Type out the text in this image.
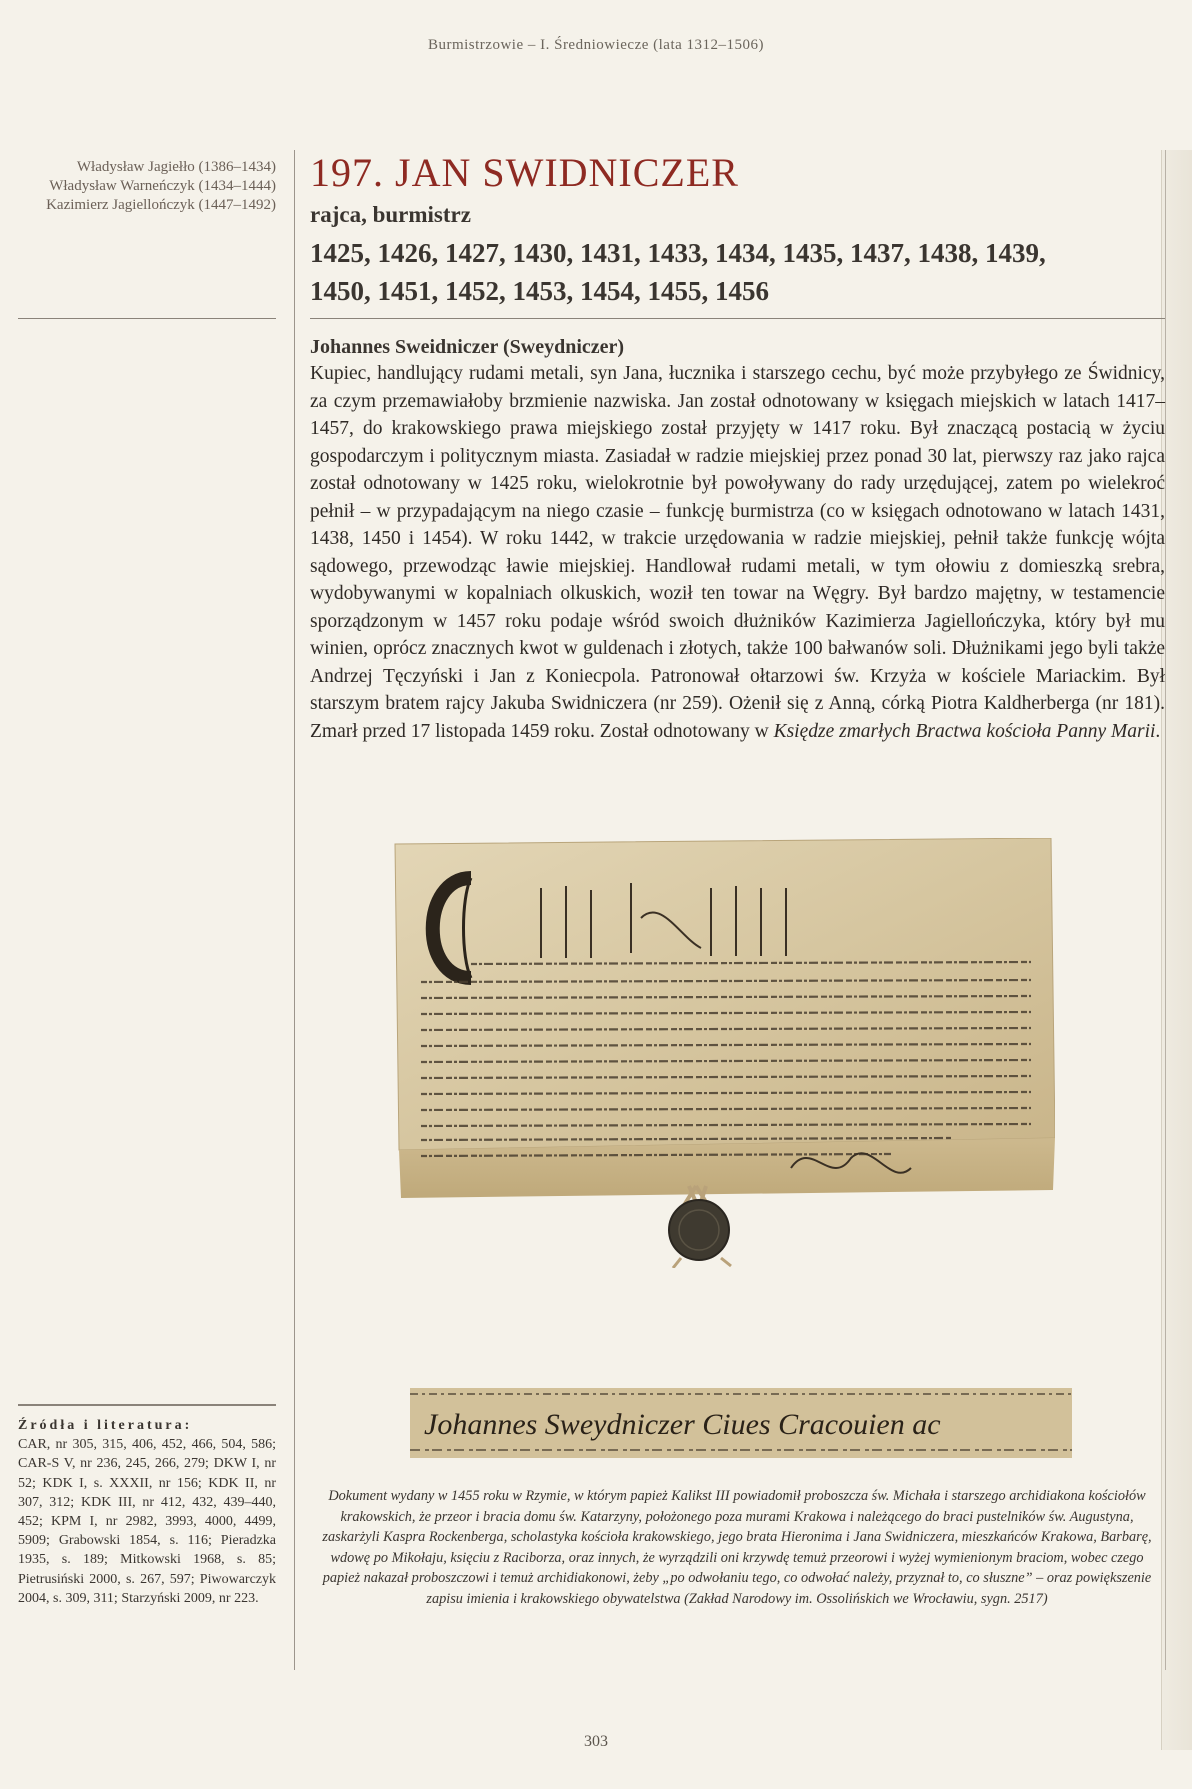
Burmistrzowie – I. Średniowiecze (lata 1312–1506)
Władysław Jagiełło (1386–1434)
Władysław Warneńczyk (1434–1444)
Kazimierz Jagiellończyk (1447–1492)
197. JAN SWIDNICZER
rajca, burmistrz
1425, 1426, 1427, 1430, 1431, 1433, 1434, 1435, 1437, 1438, 1439,
1450, 1451, 1452, 1453, 1454, 1455, 1456
Johannes Sweidniczer (Sweydniczer)

Kupiec, handlujący rudami metali, syn Jana, łucznika i starszego cechu, być może przybyłego ze Świdnicy, za czym przemawiałoby brzmienie nazwiska. Jan został odnotowany w księgach miejskich w latach 1417–1457, do krakowskiego prawa miejskiego został przyjęty w 1417 roku. Był znaczącą postacią w życiu gospodarczym i politycznym miasta. Zasiadał w radzie miejskiej przez ponad 30 lat, pierwszy raz jako rajca został odnotowany w 1425 roku, wielokrotnie był powoływany do rady urzędującej, zatem po wielekroć pełnił – w przypadającym na niego czasie – funkcję burmistrza (co w księgach odnotowano w latach 1431, 1438, 1450 i 1454). W roku 1442, w trakcie urzędowania w radzie miejskiej, pełnił także funkcję wójta sądowego, przewodząc ławie miejskiej. Handlował rudami metali, w tym ołowiu z domieszką srebra, wydobywanymi w kopalniach olkuskich, woził ten towar na Węgry. Był bardzo majętny, w testamencie sporządzonym w 1457 roku podaje wśród swoich dłużników Kazimierza Jagiellończyka, który był mu winien, oprócz znacznych kwot w guldenach i złotych, także 100 bałwanów soli. Dłużnikami jego byli także Andrzej Tęczyński i Jan z Koniecpola. Patronował ołtarzowi św. Krzyża w kościele Mariackim. Był starszym bratem rajcy Jakuba Swidniczera (nr 259). Ożenił się z Anną, córką Piotra Kaldherberga (nr 181). Zmarł przed 17 listopada 1459 roku. Został odnotowany w Księdze zmarłych Bractwa kościoła Panny Marii.

Johannes Sweydniczer Ciues Cracouien ac
Dokument wydany w 1455 roku w Rzymie, w którym papież Kalikst III powiadomił proboszcza św. Michała i starszego archidiakona kościołów krakowskich, że przeor i bracia domu św. Katarzyny, położonego poza murami Krakowa i należącego do braci pustelników św. Augustyna, zaskarżyli Kaspra Rockenberga, scholastyka kościoła krakowskiego, jego brata Hieronima i Jana Swidniczera, mieszkańców Krakowa, Barbarę, wdowę po Mikołaju, księciu z Raciborza, oraz innych, że wyrządzili oni krzywdę temuż przeorowi i wyżej wymienionym braciom, wobec czego papież nakazał proboszczowi i temuż archidiakonowi, żeby „po odwołaniu tego, co odwołać należy, przyznał to, co słuszne” – oraz powiększenie zapisu imienia i krakowskiego obywatelstwa (Zakład Narodowy im. Ossolińskich we Wrocławiu, sygn. 2517)
Źródła i literatura:
CAR, nr 305, 315, 406, 452, 466, 504, 586; CAR-S V, nr 236, 245, 266, 279; DKW I, nr 52; KDK I, s. XXXII, nr 156; KDK II, nr 307, 312; KDK III, nr 412, 432, 439–440, 452; KPM I, nr 2982, 3993, 4000, 4499, 5909; Grabowski 1854, s. 116; Pieradzka 1935, s. 189; Mitkowski 1968, s. 85; Pietrusiński 2000, s. 267, 597; Piwowarczyk 2004, s. 309, 311; Starzyński 2009, nr 223.
303
